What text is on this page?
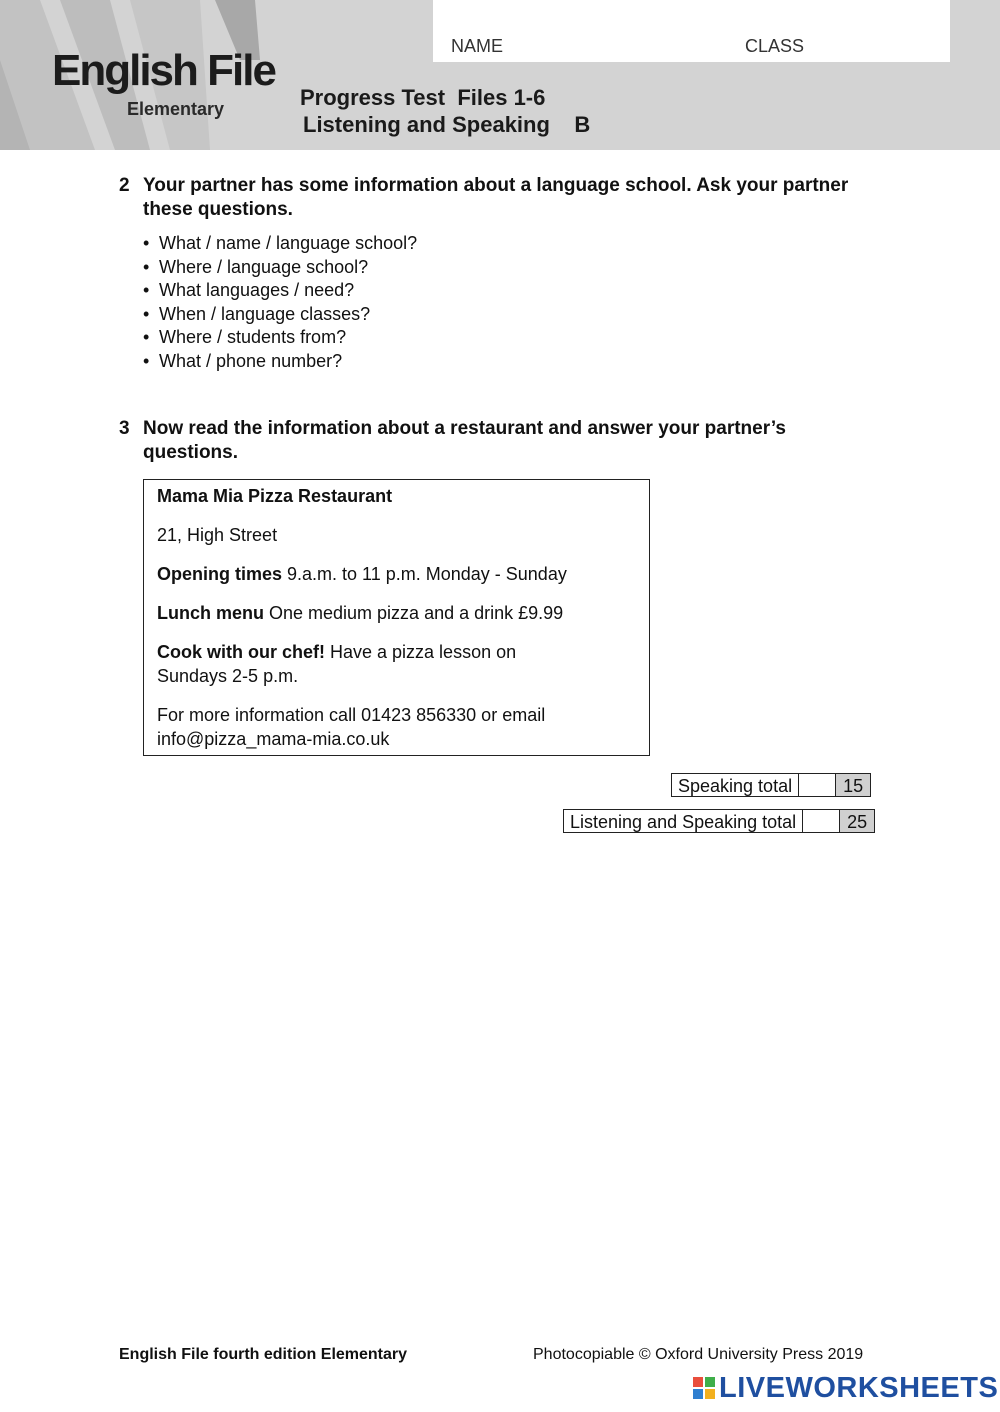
English File
Elementary
NAME	CLASS
Progress Test  Files 1-6
Listening and Speaking    B
2 Your partner has some information about a language school. Ask your partner these questions.
• What / name / language school?
• Where / language school?
• What languages / need?
• When / language classes?
• Where / students from?
• What / phone number?
3 Now read the information about a restaurant and answer your partner’s questions.

Mama Mia Pizza Restaurant

21, High Street

Opening times 9.a.m. to 11 p.m. Monday - Sunday

Lunch menu One medium pizza and a drink £9.99

Cook with our chef! Have a pizza lesson on
Sundays 2-5 p.m.

For more information call 01423 856330 or email
info@pizza_mama-mia.co.uk

Speaking total	15
Listening and Speaking total	25
English File fourth edition Elementary	Photocopiable © Oxford University Press 2019
LIVEWORKSHEETS
